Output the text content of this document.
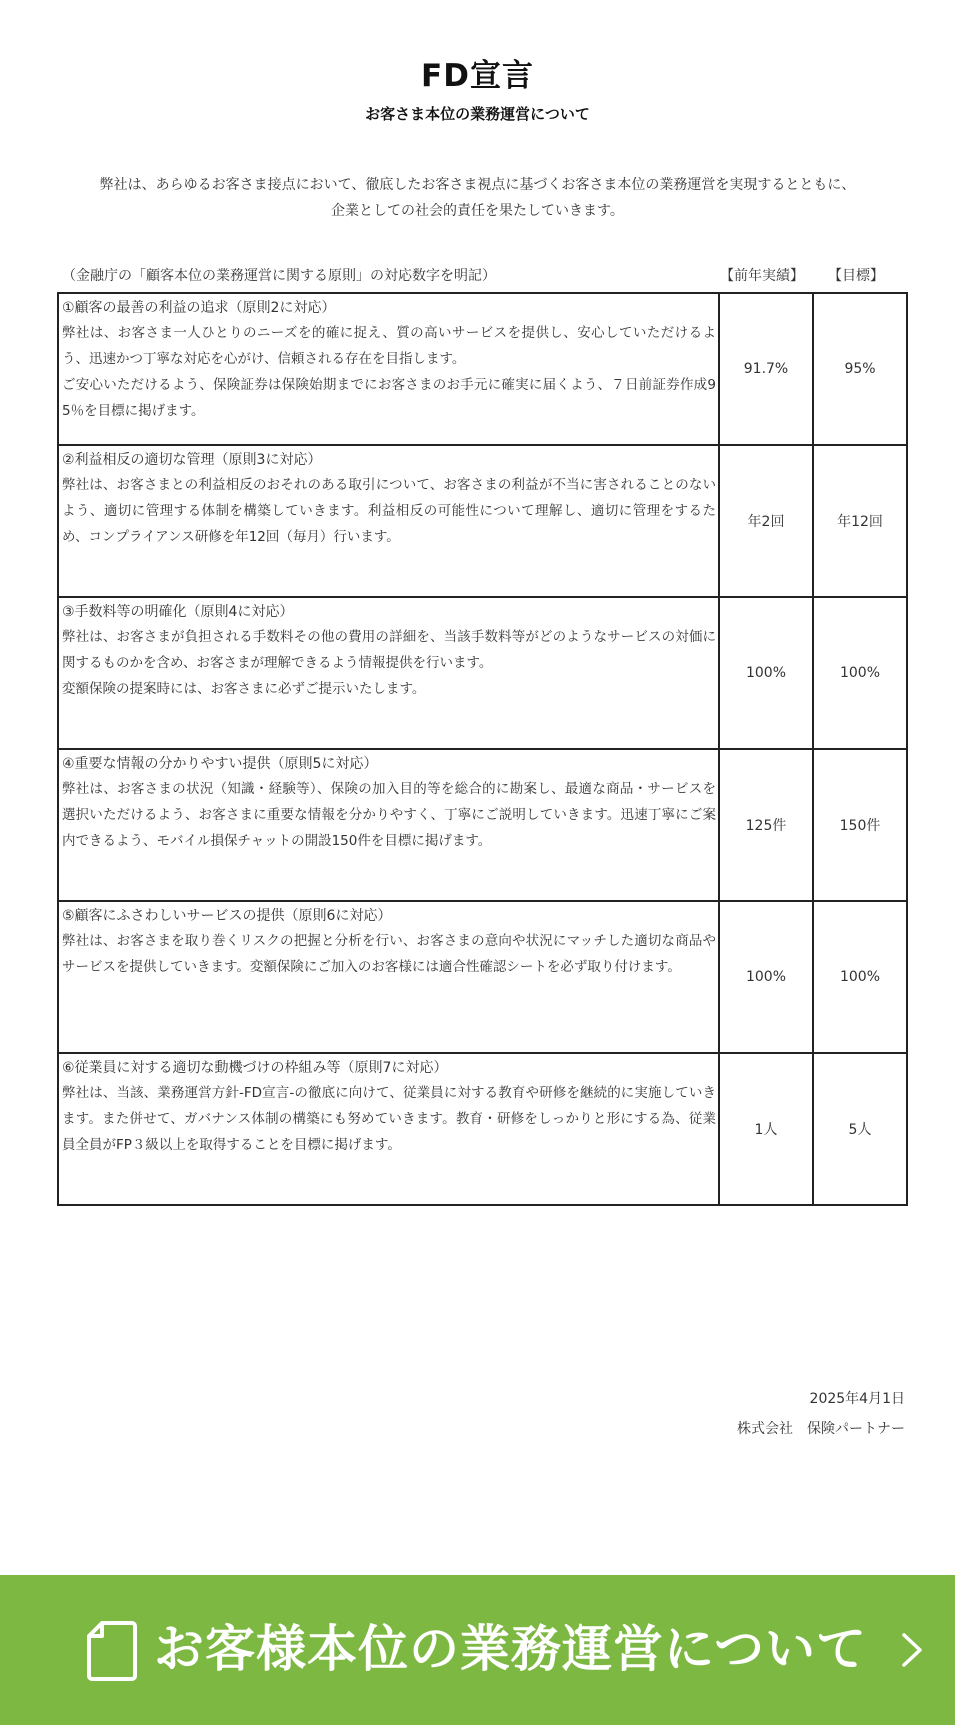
FD宣言
お客さま本位の業務運営について
弊社は、あらゆるお客さま接点において、徹底したお客さま視点に基づくお客さま本位の業務運営を実現するとともに、
企業としての社会的責任を果たしていきます。
（金融庁の「顧客本位の業務運営に関する原則」の対応数字を明記）	【前年実績】	【目標】
①顧客の最善の利益の追求（原則2に対応）
弊社は、お客さま一人ひとりのニーズを的確に捉え、質の高いサービスを提供し、安心していただけるよう、迅速かつ丁寧な対応を心がけ、信頼される存在を目指します。
ご安心いただけるよう、保険証券は保険始期までにお客さまのお手元に確実に届くよう、７日前証券作成95％を目標に掲げます。	91.7%	95%

②利益相反の適切な管理（原則3に対応）
弊社は、お客さまとの利益相反のおそれのある取引について、お客さまの利益が不当に害されることのないよう、適切に管理する体制を構築していきます。利益相反の可能性について理解し、適切に管理をするため、コンプライアンス研修を年12回（毎月）行います。	年2回	年12回

③手数料等の明確化（原則4に対応）
弊社は、お客さまが負担される手数料その他の費用の詳細を、当該手数料等がどのようなサービスの対価に関するものかを含め、お客さまが理解できるよう情報提供を行います。
変額保険の提案時には、お客さまに必ずご提示いたします。	100%	100%

④重要な情報の分かりやすい提供（原則5に対応）
弊社は、お客さまの状況（知識・経験等）、保険の加入目的等を総合的に勘案し、最適な商品・サービスを選択いただけるよう、お客さまに重要な情報を分かりやすく、丁寧にご説明していきます。迅速丁寧にご案内できるよう、モバイル損保チャットの開設150件を目標に掲げます。	125件	150件

⑤顧客にふさわしいサービスの提供（原則6に対応）
弊社は、お客さまを取り巻くリスクの把握と分析を行い、お客さまの意向や状況にマッチした適切な商品やサービスを提供していきます。変額保険にご加入のお客様には適合性確認シートを必ず取り付けます。	100%	100%

⑥従業員に対する適切な動機づけの枠組み等（原則7に対応）
弊社は、当該、業務運営方針-FD宣言-の徹底に向けて、従業員に対する教育や研修を継続的に実施していきます。また併せて、ガバナンス体制の構築にも努めていきます。教育・研修をしっかりと形にする為、従業員全員がFP３級以上を取得することを目標に掲げます。	1人	5人
2025年4月1日
株式会社　保険パートナー
お客様本位の業務運営について
